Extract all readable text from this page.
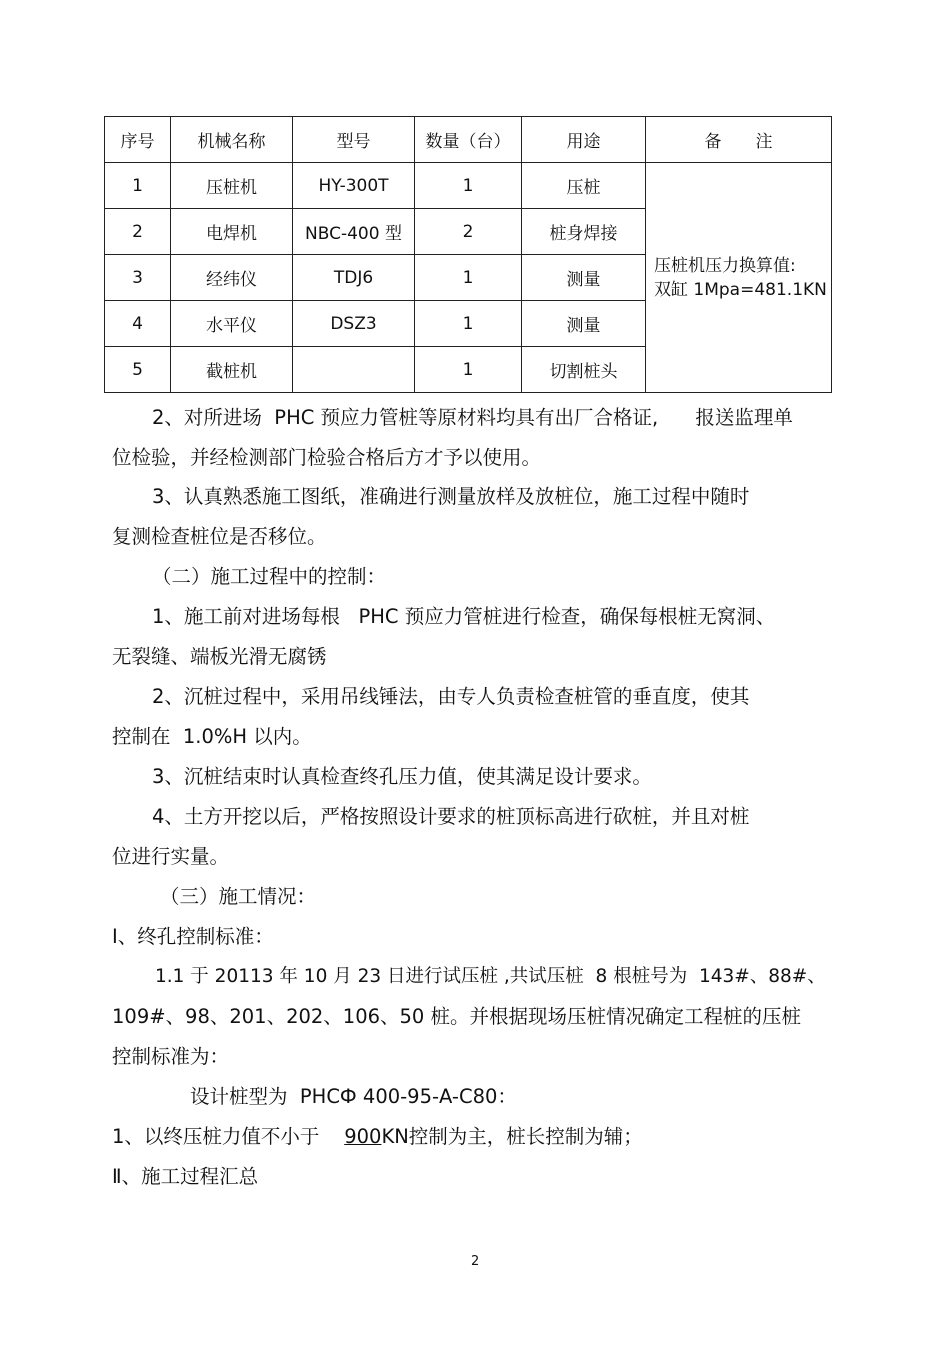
序号	机械名称	型号	数量（台）	用途	备　　注
1	压桩机	HY-300T	1	压桩	压桩机压力换算值:
双缸 1Mpa=481.1KN

2	电焊机	NBC-400 型	2	桩身焊接	
3	经纬仪	TDJ6	1	测量	
4	水平仪	DSZ3	1	测量	
5	截桩机		1	切割桩头	
2、对所进场  PHC 预应力管桩等原材料均具有出厂合格证,      报送监理单
位检验，并经检测部门检验合格后方才予以使用。
3、认真熟悉施工图纸，准确进行测量放样及放桩位，施工过程中随时
复测检查桩位是否移位。
（二）施工过程中的控制：
1、施工前对进场每根   PHC 预应力管桩进行检查，确保每根桩无窝洞、
无裂缝、端板光滑无腐锈
2、沉桩过程中，采用吊线锤法，由专人负责检查桩管的垂直度，使其
控制在  1.0%H 以内。
3、沉桩结束时认真检查终孔压力值，使其满足设计要求。
4、土方开挖以后，严格按照设计要求的桩顶标高进行砍桩，并且对桩
位进行实量。
（三）施工情况：
Ⅰ、终孔控制标准：
1.1 于 20113 年 10 月 23 日进行试压桩 ,共试压桩  8 根桩号为  143#、88#、
109#、98、201、202、106、50 桩。并根据现场压桩情况确定工程桩的压桩
控制标准为：
设计桩型为  PHCФ 400-95-A-C80：
1、以终压桩力值不小于    900KN控制为主，桩长控制为辅；
Ⅱ、施工过程汇总
2
